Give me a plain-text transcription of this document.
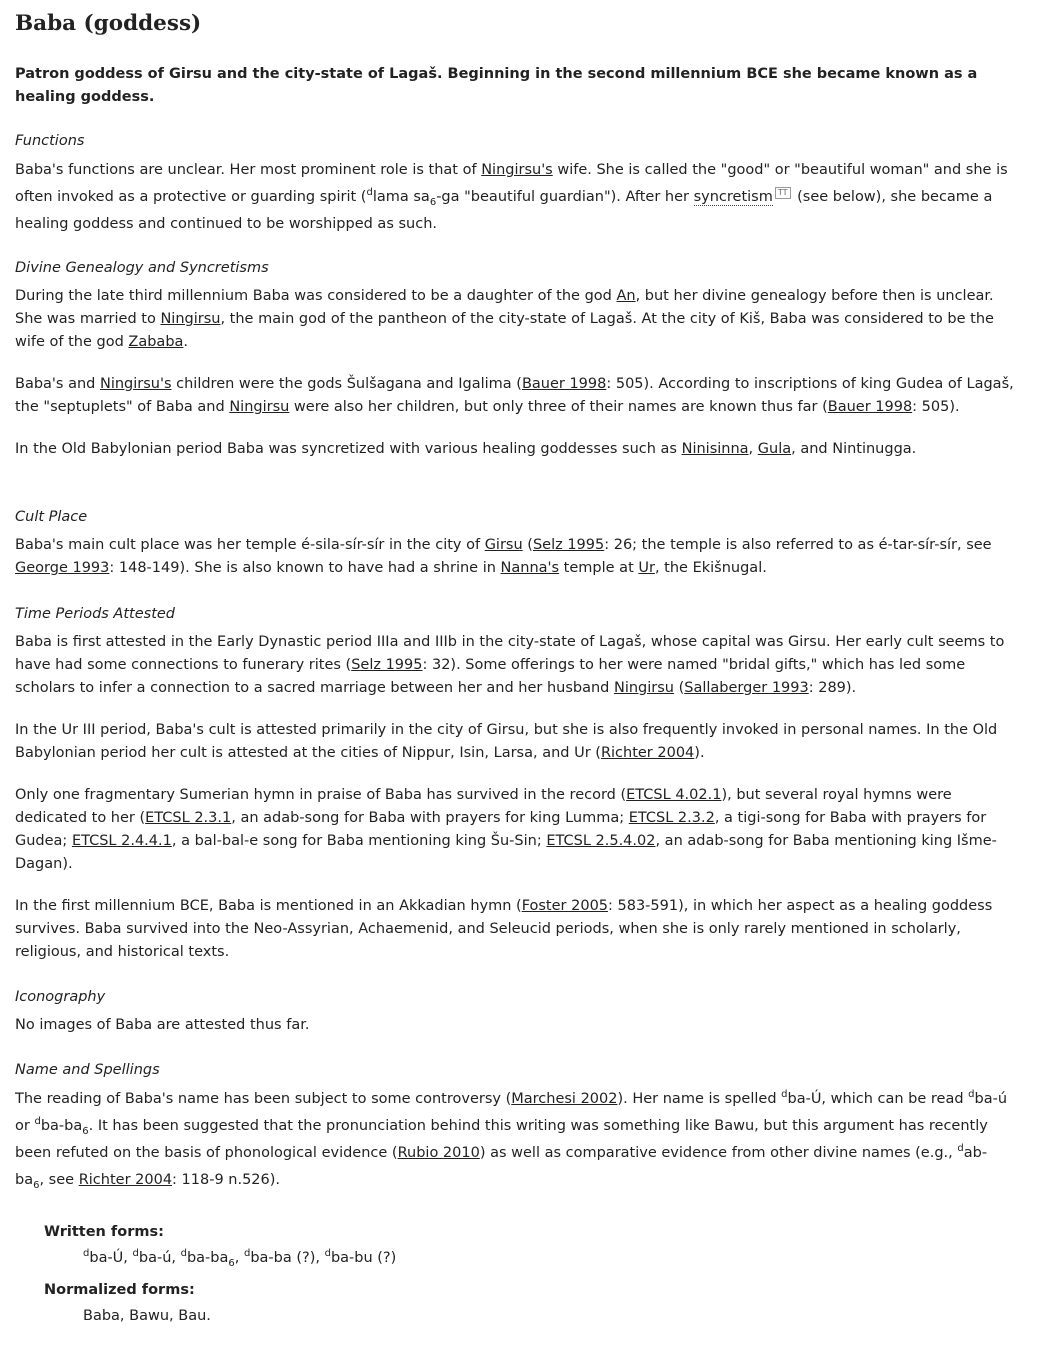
Baba (goddess)

Patron goddess of Girsu and the city-state of Lagaš. Beginning in the second millennium BCE she became known as a healing goddess.

Functions

Baba's functions are unclear. Her most prominent role is that of Ningirsu's wife. She is called the "good" or "beautiful woman" and she is often invoked as a protective or guarding spirit ($^d$lama $sa_6-ga$ "beautiful guardian"). After her syncretism TT (see below), she became a healing goddess and continued to be worshipped as such.

Divine Genealogy and Syncretisms

During the late third millennium Baba was considered to be a daughter of the god An, but her divine genealogy before then is unclear. She was married to Ningirsu, the main god of the pantheon of the city-state of Lagaš. At the city of Kiš, Baba was considered to be the wife of the god Zababa.

Baba's and Ningirsu's children were the gods Šulšagana and Igalima (Bauer 1998: 505). According to inscriptions of king Gudea of Lagaš, the "septuplets" of Baba and Ningirsu were also her children, but only three of their names are known thus far (Bauer 1998: 505).

In the Old Babylonian period Baba was syncretized with various healing goddesses such as Ninisinna, Gula, and Nintinugga.

Cult Place

Baba's main cult place was her temple é-sila-sír-sír in the city of Girsu (Selz 1995: 26; the temple is also referred to as é-tar-sír-sír, see George 1993: 148-149). She is also known to have had a shrine in Nanna's temple at Ur, the Ekišnugal.

Time Periods Attested

Baba is first attested in the Early Dynastic period IIIa and IIIb in the city-state of Lagaš, whose capital was Girsu. Her early cult seems to have had some connections to funerary rites (Selz 1995: 32). Some offerings to her were named "bridal gifts," which has led some scholars to infer a connection to a sacred marriage between her and her husband Ningirsu (Sallaberger 1993: 289).

In the Ur III period, Baba's cult is attested primarily in the city of Girsu, but she is also frequently invoked in personal names. In the Old Babylonian period her cult is attested at the cities of Nippur, Isin, Larsa, and Ur (Richter 2004).

Only one fragmentary Sumerian hymn in praise of Baba has survived in the record (ETCSL 4.02.1), but several royal hymns were dedicated to her (ETCSL 2.3.1, an adab-song for Baba with prayers for king Lumma; ETCSL 2.3.2, a tigi-song for Baba with prayers for Gudea; ETCSL 2.4.4.1, a bal-bal-e song for Baba mentioning king Šu-Sin; ETCSL 2.5.4.02, an adab-song for Baba mentioning king Išme-Dagan).

In the first millennium BCE, Baba is mentioned in an Akkadian hymn (Foster 2005: 583-591), in which her aspect as a healing goddess survives. Baba survived into the Neo-Assyrian, Achaemenid, and Seleucid periods, when she is only rarely mentioned in scholarly, religious, and historical texts.

Iconography

No images of Baba are attested thus far.

Name and Spellings

The reading of Baba's name has been subject to some controversy (Marchesi 2002). Her name is spelled $^d$ba-Ú, which can be read $^d$ba-ú or $^dba-ba_6$. It has been suggested that the pronunciation behind this writing was something like Bawu, but this argument has recently been refuted on the basis of phonological evidence (Rubio 2010) as well as comparative evidence from other divine names (e.g., $^dab-ba_6$, see Richter 2004: 118-9 n.526).

Written forms:

$^d$ba-Ú, $^d$ba-ú, $^dba-ba_6$, $^d$ba-ba (?), $^d$ba-bu (?)

Normalized forms:

Baba, Bawu, Bau.
